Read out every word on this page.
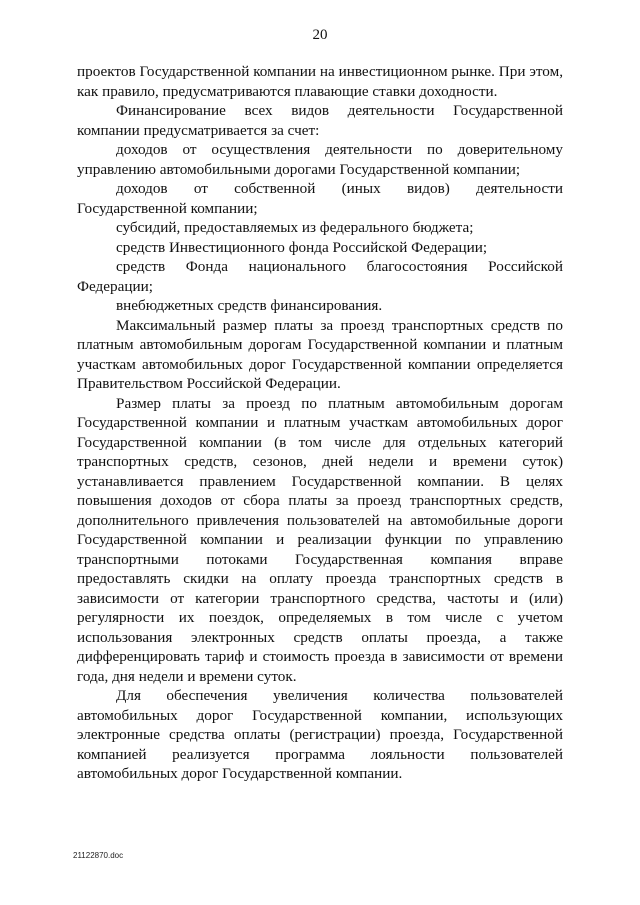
20

проектов Государственной компании на инвестиционном рынке. При этом, как правило, предусматриваются плавающие ставки доходности.

Финансирование всех видов деятельности Государственной компании предусматривается за счет:

доходов от осуществления деятельности по доверительному управлению автомобильными дорогами Государственной компании;

доходов от собственной (иных видов) деятельности Государственной компании;

субсидий, предоставляемых из федерального бюджета;

средств Инвестиционного фонда Российской Федерации;

средств Фонда национального благосостояния Российской Федерации;

внебюджетных средств финансирования.

Максимальный размер платы за проезд транспортных средств по платным автомобильным дорогам Государственной компании и платным участкам автомобильных дорог Государственной компании определяется Правительством Российской Федерации.

Размер платы за проезд по платным автомобильным дорогам Государственной компании и платным участкам автомобильных дорог Государственной компании (в том числе для отдельных категорий транспортных средств, сезонов, дней недели и времени суток) устанавливается правлением Государственной компании. В целях повышения доходов от сбора платы за проезд транспортных средств, дополнительного привлечения пользователей на автомобильные дороги Государственной компании и реализации функции по управлению транспортными потоками Государственная компания вправе предоставлять скидки на оплату проезда транспортных средств в зависимости от категории транспортного средства, частоты и (или) регулярности их поездок, определяемых в том числе с учетом использования электронных средств оплаты проезда, а также дифференцировать тариф и стоимость проезда в зависимости от времени года, дня недели и времени суток.

Для обеспечения увеличения количества пользователей автомобильных дорог Государственной компании, использующих электронные средства оплаты (регистрации) проезда, Государственной компанией реализуется программа лояльности пользователей автомобильных дорог Государственной компании.

21122870.doc
